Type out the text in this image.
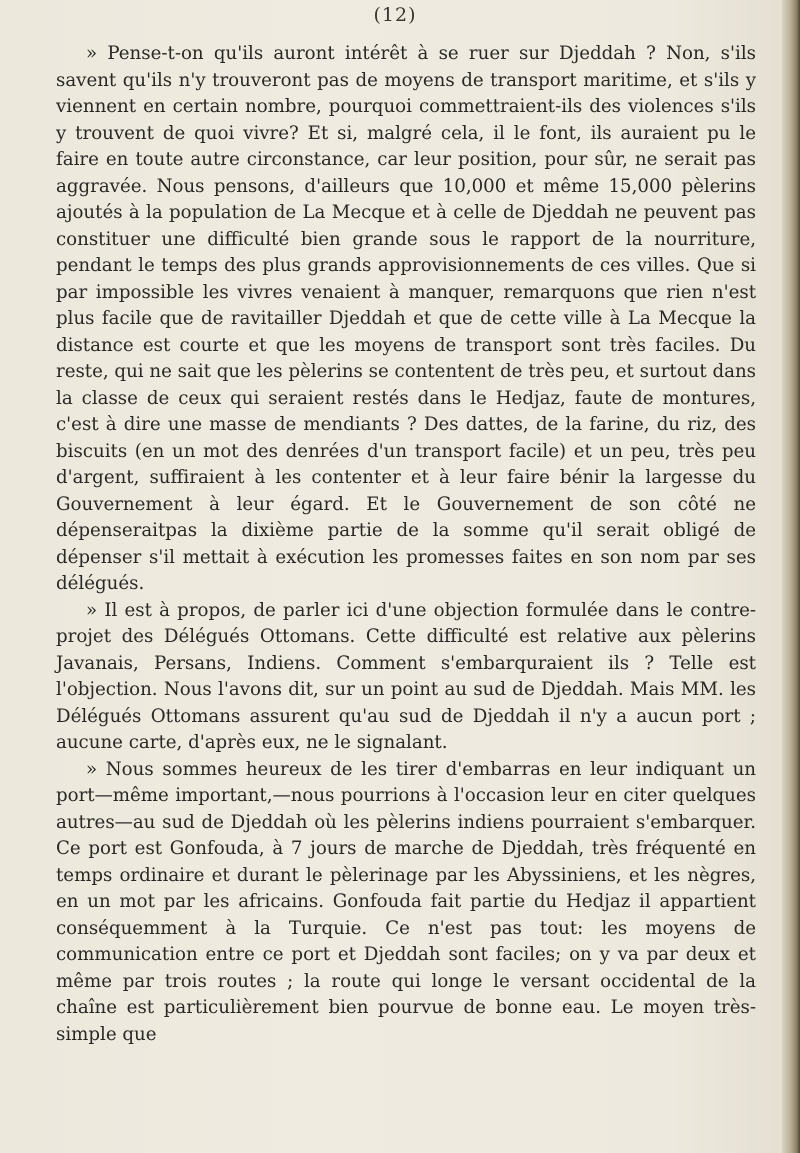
(12)

» Pense-t-on qu'ils auront intérêt à se ruer sur Djeddah ? Non, s'ils savent qu'ils n'y trouveront pas de moyens de transport maritime, et s'ils y viennent en certain nombre, pourquoi commettraient-ils des violences s'ils y trouvent de quoi vivre? Et si, malgré cela, il le font, ils auraient pu le faire en toute autre circonstance, car leur position, pour sûr, ne serait pas aggravée. Nous pensons, d'ailleurs que 10,000 et même 15,000 pèlerins ajoutés à la population de La Mecque et à celle de Djeddah ne peuvent pas constituer une difficulté bien grande sous le rapport de la nourriture, pendant le temps des plus grands approvisionnements de ces villes. Que si par impossible les vivres venaient à manquer, remarquons que rien n'est plus facile que de ravitailler Djeddah et que de cette ville à La Mecque la distance est courte et que les moyens de transport sont très faciles. Du reste, qui ne sait que les pèlerins se contentent de très peu, et surtout dans la classe de ceux qui seraient restés dans le Hedjaz, faute de montures, c'est à dire une masse de mendiants ? Des dattes, de la farine, du riz, des biscuits (en un mot des denrées d'un transport facile) et un peu, très peu d'argent, suffiraient à les contenter et à leur faire bénir la largesse du Gouvernement à leur égard. Et le Gouvernement de son côté ne dépenseraitpas la dixième partie de la somme qu'il serait obligé de dépenser s'il mettait à exécution les promesses faites en son nom par ses délégués.

» Il est à propos, de parler ici d'une objection formulée dans le contre-projet des Délégués Ottomans. Cette difficulté est relative aux pèlerins Javanais, Persans, Indiens. Comment s'embarquraient ils ? Telle est l'objection. Nous l'avons dit, sur un point au sud de Djeddah. Mais MM. les Délégués Ottomans assurent qu'au sud de Djeddah il n'y a aucun port ; aucune carte, d'après eux, ne le signalant.

» Nous sommes heureux de les tirer d'embarras en leur indiquant un port—même important,—nous pourrions à l'occasion leur en citer quelques autres—au sud de Djeddah où les pèlerins indiens pourraient s'embarquer. Ce port est Gonfouda, à 7 jours de marche de Djeddah, très fréquenté en temps ordinaire et durant le pèlerinage par les Abyssiniens, et les nègres, en un mot par les africains. Gonfouda fait partie du Hedjaz il appartient conséquemment à la Turquie. Ce n'est pas tout: les moyens de communication entre ce port et Djeddah sont faciles; on y va par deux et même par trois routes ; la route qui longe le versant occidental de la chaîne est particulièrement bien pourvue de bonne eau. Le moyen très-simple que
